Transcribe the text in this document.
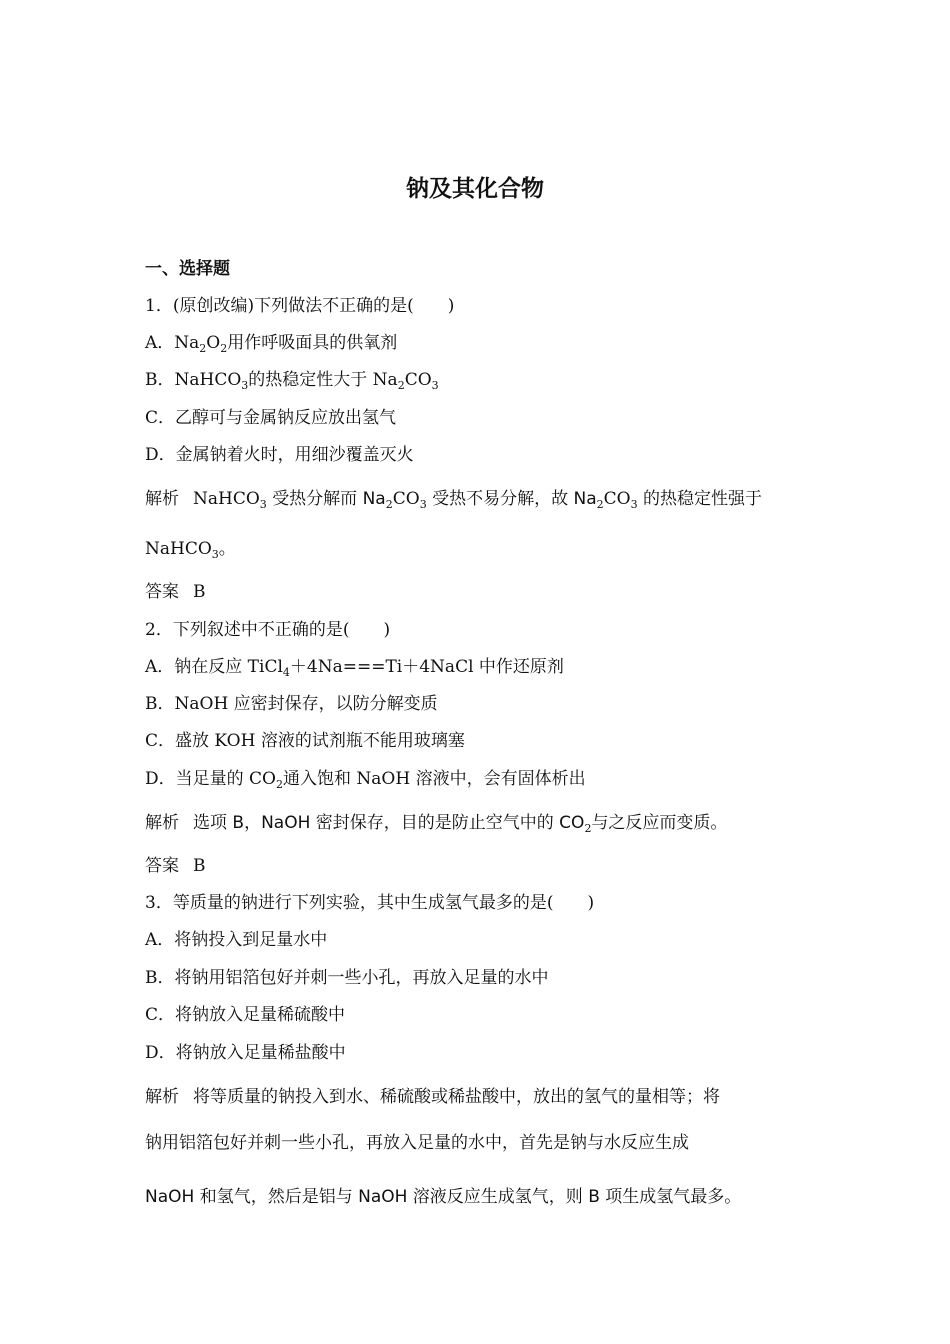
钠及其化合物
一、选择题
1．(原创改编)下列做法不正确的是(　　)
A．$Na_2O_2$用作呼吸面具的供氧剂
B．NaHCO$_3$的热稳定性大于 $Na_2CO_3$
C．乙醇可与金属钠反应放出氢气
D．金属钠着火时，用细沙覆盖灭火
解析 NaHCO$_3$ 受热分解而 $Na_2CO_3$ 受热不易分解，故 $Na_2CO_3$ 的热稳定性强于
NaHCO$_3$。
答案 B
2．下列叙述中不正确的是(　　)
A．钠在反应 TiCl$_4$＋4Na===Ti＋4NaCl 中作还原剂
B．NaOH 应密封保存，以防分解变质
C．盛放 KOH 溶液的试剂瓶不能用玻璃塞
D．当足量的 $CO_2$通入饱和 NaOH 溶液中，会有固体析出
解析 选项 B，NaOH 密封保存，目的是防止空气中的 $CO_2$与之反应而变质。
答案 B
3．等质量的钠进行下列实验，其中生成氢气最多的是(　　)
A．将钠投入到足量水中
B．将钠用铝箔包好并刺一些小孔，再放入足量的水中
C．将钠放入足量稀硫酸中
D．将钠放入足量稀盐酸中
解析 将等质量的钠投入到水、稀硫酸或稀盐酸中，放出的氢气的量相等；将
钠用铝箔包好并刺一些小孔，再放入足量的水中，首先是钠与水反应生成
NaOH 和氢气，然后是铝与 NaOH 溶液反应生成氢气，则 B 项生成氢气最多。
